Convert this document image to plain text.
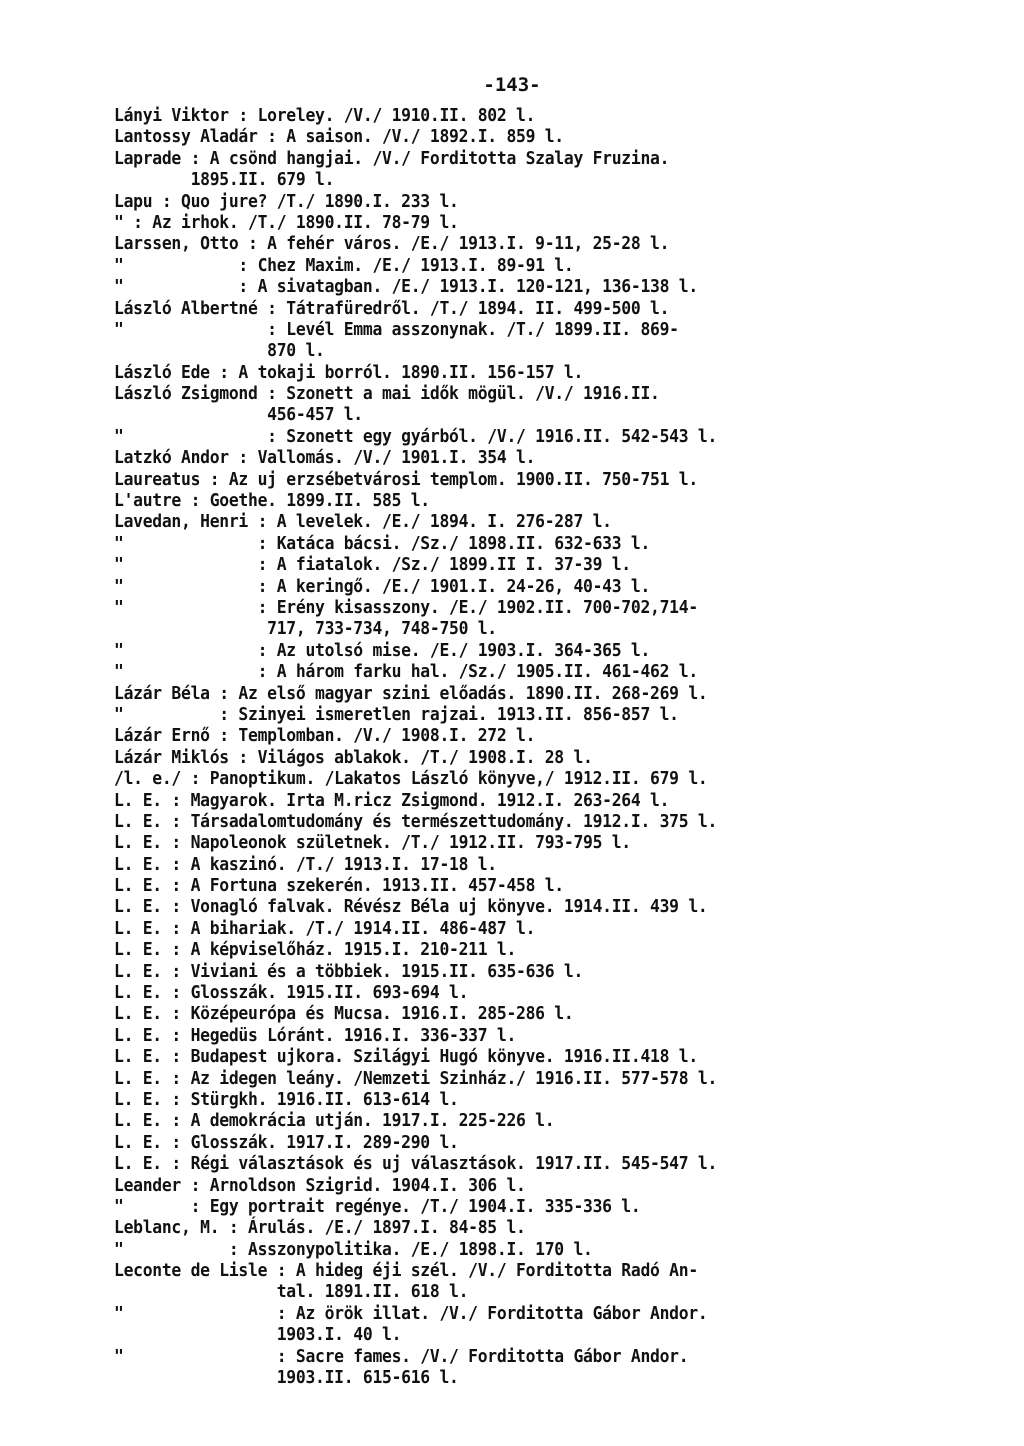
-143-
Lányi Viktor : Loreley. /V./ 1910.II. 802 l.
Lantossy Aladár : A saison. /V./ 1892.I. 859 l.
Laprade : A csönd hangjai. /V./ Forditotta Szalay Fruzina.
1895.II. 679 l.
Lapu : Quo jure? /T./ 1890.I. 233 l.
" : Az irhok. /T./ 1890.II. 78-79 l.
Larssen, Otto : A fehér város. /E./ 1913.I. 9-11, 25-28 l.
"            : Chez Maxim. /E./ 1913.I. 89-91 l.
"            : A sivatagban. /E./ 1913.I. 120-121, 136-138 l.
László Albertné : Tátrafüredről. /T./ 1894. II. 499-500 l.
"               : Levél Emma asszonynak. /T./ 1899.II. 869-
870 l.
László Ede : A tokaji borról. 1890.II. 156-157 l.
László Zsigmond : Szonett a mai idők mögül. /V./ 1916.II.
456-457 l.
"               : Szonett egy gyárból. /V./ 1916.II. 542-543 l.
Latzkó Andor : Vallomás. /V./ 1901.I. 354 l.
Laureatus : Az uj erzsébetvárosi templom. 1900.II. 750-751 l.
L'autre : Goethe. 1899.II. 585 l.
Lavedan, Henri : A levelek. /E./ 1894. I. 276-287 l.
"              : Katáca bácsi. /Sz./ 1898.II. 632-633 l.
"              : A fiatalok. /Sz./ 1899.II I. 37-39 l.
"              : A keringő. /E./ 1901.I. 24-26, 40-43 l.
"              : Erény kisasszony. /E./ 1902.II. 700-702,714-
717, 733-734, 748-750 l.
"              : Az utolsó mise. /E./ 1903.I. 364-365 l.
"              : A három farku hal. /Sz./ 1905.II. 461-462 l.
Lázár Béla : Az első magyar szini előadás. 1890.II. 268-269 l.
"          : Szinyei ismeretlen rajzai. 1913.II. 856-857 l.
Lázár Ernő : Templomban. /V./ 1908.I. 272 l.
Lázár Miklós : Világos ablakok. /T./ 1908.I. 28 l.
/l. e./ : Panoptikum. /Lakatos László könyve,/ 1912.II. 679 l.
L. E. : Magyarok. Irta M.ricz Zsigmond. 1912.I. 263-264 l.
L. E. : Társadalomtudomány és természettudomány. 1912.I. 375 l.
L. E. : Napoleonok születnek. /T./ 1912.II. 793-795 l.
L. E. : A kaszinó. /T./ 1913.I. 17-18 l.
L. E. : A Fortuna szekerén. 1913.II. 457-458 l.
L. E. : Vonagló falvak. Révész Béla uj könyve. 1914.II. 439 l.
L. E. : A bihariak. /T./ 1914.II. 486-487 l.
L. E. : A képviselőház. 1915.I. 210-211 l.
L. E. : Viviani és a többiek. 1915.II. 635-636 l.
L. E. : Glosszák. 1915.II. 693-694 l.
L. E. : Középeurópa és Mucsa. 1916.I. 285-286 l.
L. E. : Hegedüs Lóránt. 1916.I. 336-337 l.
L. E. : Budapest ujkora. Szilágyi Hugó könyve. 1916.II.418 l.
L. E. : Az idegen leány. /Nemzeti Szinház./ 1916.II. 577-578 l.
L. E. : Stürgkh. 1916.II. 613-614 l.
L. E. : A demokrácia utján. 1917.I. 225-226 l.
L. E. : Glosszák. 1917.I. 289-290 l.
L. E. : Régi választások és uj választások. 1917.II. 545-547 l.
Leander : Arnoldson Szigrid. 1904.I. 306 l.
"       : Egy portrait regénye. /T./ 1904.I. 335-336 l.
Leblanc, M. : Árulás. /E./ 1897.I. 84-85 l.
"           : Asszonypolitika. /E./ 1898.I. 170 l.
Leconte de Lisle : A hideg éji szél. /V./ Forditotta Radó An-
tal. 1891.II. 618 l.
"                : Az örök illat. /V./ Forditotta Gábor Andor.
1903.I. 40 l.
"                : Sacre fames. /V./ Forditotta Gábor Andor.
1903.II. 615-616 l.
